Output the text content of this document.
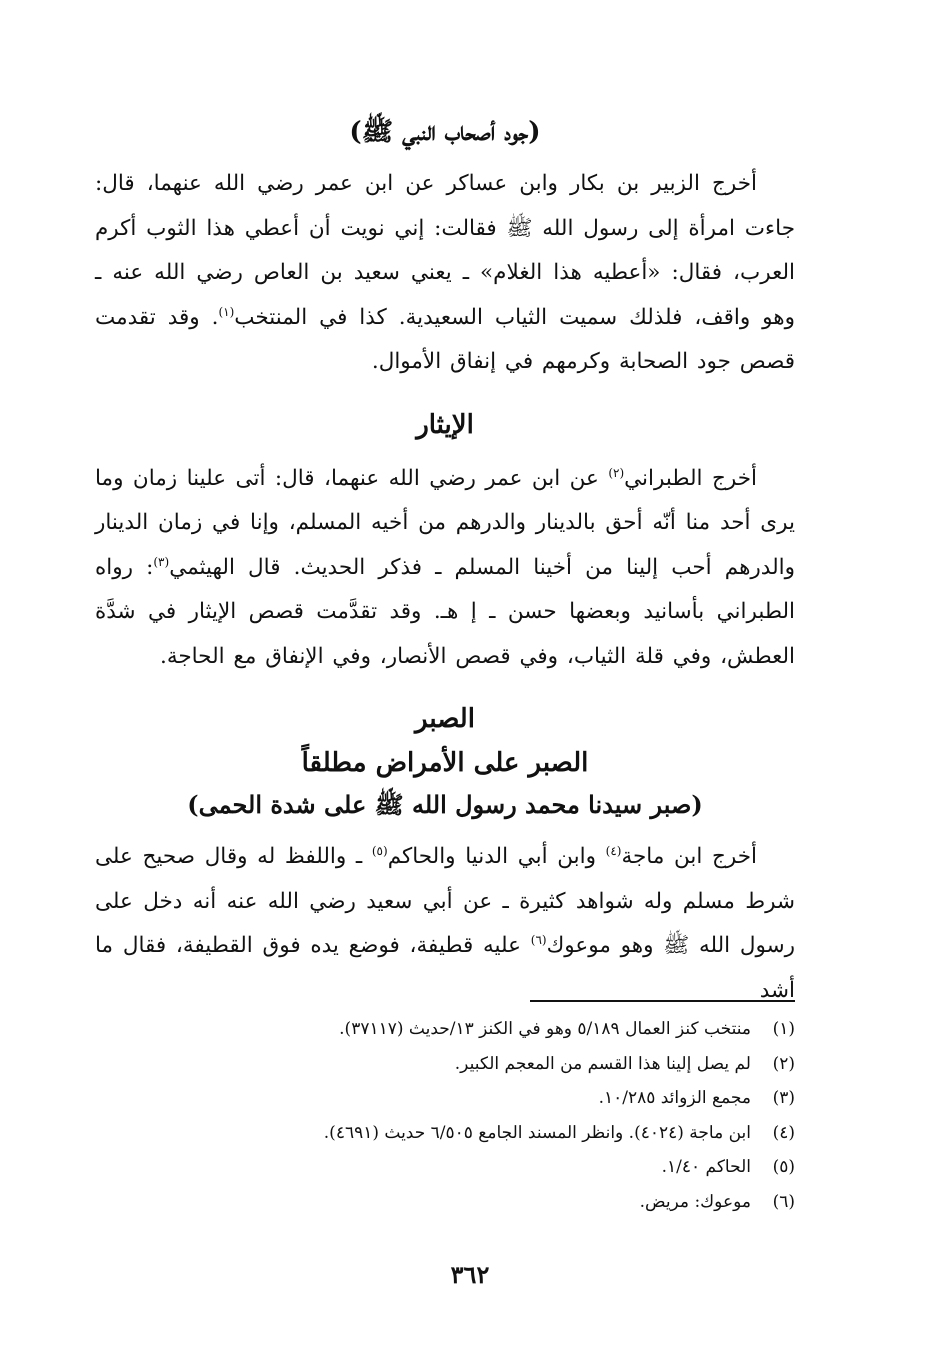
(جود أصحاب النبي ﷺ)

أخرج الزبير بن بكار وابن عساكر عن ابن عمر رضي الله عنهما، قال: جاءت امرأة إلى رسول الله ﷺ فقالت: إني نويت أن أعطي هذا الثوب أكرم العرب، فقال: «أعطيه هذا الغلام» ـ يعني سعيد بن العاص رضي الله عنه ـ وهو واقف، فلذلك سميت الثياب السعيدية. كذا في المنتخب$^{(١)}$. وقد تقدمت قصص جود الصحابة وكرمهم في إنفاق الأموال.

الإيثار

أخرج الطبراني$^{(٢)}$ عن ابن عمر رضي الله عنهما، قال: أتى علينا زمان وما يرى أحد منا أنّه أحق بالدينار والدرهم من أخيه المسلم، وإنا في زمان الدينار والدرهم أحب إلينا من أخينا المسلم ـ فذكر الحديث. قال الهيثمي$^{(٣)}$: رواه الطبراني بأسانيد وبعضها حسن ـ إ هـ. وقد تقدَّمت قصص الإيثار في شدَّة العطش، وفي قلة الثياب، وفي قصص الأنصار، وفي الإنفاق مع الحاجة.

الصبر
الصبر على الأمراض مطلقاً
(صبر سيدنا محمد رسول الله ﷺ على شدة الحمى)

أخرج ابن ماجة$^{(٤)}$ وابن أبي الدنيا والحاكم$^{(٥)}$ ـ واللفظ له وقال صحيح على شرط مسلم وله شواهد كثيرة ـ عن أبي سعيد رضي الله عنه أنه دخل على رسول الله ﷺ وهو موعوك$^{(٦)}$ عليه قطيفة، فوضع يده فوق القطيفة، فقال ما أشد

(١)
منتخب كنز العمال ٥/١٨٩ وهو في الكنز ١٣/حديث (٣٧١١٧).
(٢)
لم يصل إلينا هذا القسم من المعجم الكبير.
(٣)
مجمع الزوائد ١٠/٢٨٥.
(٤)
ابن ماجة (٤٠٢٤). وانظر المسند الجامع ٦/٥٠٥ حديث (٤٦٩١).
(٥)
الحاكم ١/٤٠.
(٦)
موعوك: مريض.
٣٦٢
